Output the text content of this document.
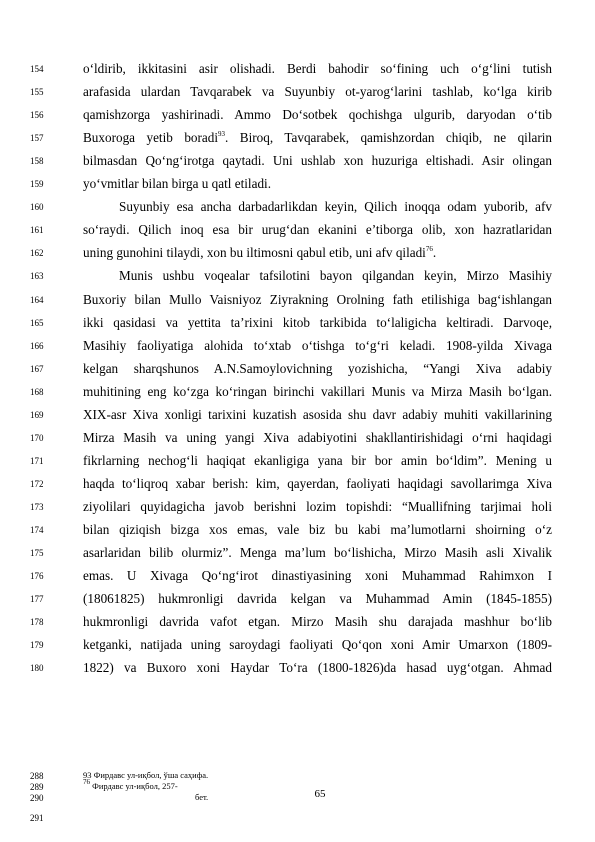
154	o‘ldirib, ikkitasini asir olishadi. Berdi bahodir so‘fining uch o‘g‘lini tutish
155	arafasida ulardan Tavqarabek va Suyunbiy ot-yarog‘larini tashlab, ko‘lga kirib
156	qamishzorga yashirinadi. Ammo Do‘sotbek qochishga ulgurib, daryodan o‘tib
157	Buxoroga yetib boradi$^{93}$. Biroq, Tavqarabek, qamishzordan chiqib, ne qilarin
158	bilmasdan Qo‘ng‘irotga qaytadi. Uni ushlab xon huzuriga eltishadi. Asir olingan
159	yo‘vmitlar bilan birga u qatl etiladi.
160	Suyunbiy esa ancha darbadarlikdan keyin, Qilich inoqqa odam yuborib, afv
161	so‘raydi. Qilich inoq esa bir urug‘dan ekanini e’tiborga olib, xon hazratlaridan
162	uning gunohini tilaydi, xon bu iltimosni qabul etib, uni afv qiladi$^{76}$.
163	Munis ushbu voqealar tafsilotini bayon qilgandan keyin, Mirzo Masihiy
164	Buxoriy bilan Mullo Vaisniyoz Ziyrakning Orolning fath etilishiga bag‘ishlangan
165	ikki qasidasi va yettita ta’rixini kitob tarkibida to‘laligicha keltiradi. Darvoqe,
166	Masihiy faoliyatiga alohida to‘xtab o‘tishga to‘g‘ri keladi. 1908-yilda Xivaga
167	kelgan sharqshunos A.N.Samoylovichning yozishicha, “Yangi Xiva adabiy
168	muhitining eng ko‘zga ko‘ringan birinchi vakillari Munis va Mirza Masih bo‘lgan.
169	XIX-asr Xiva xonligi tarixini kuzatish asosida shu davr adabiy muhiti vakillarining
170	Mirza Masih va uning yangi Xiva adabiyotini shakllantirishidagi o‘rni haqidagi
171	fikrlarning nechog‘li haqiqat ekanligiga yana bir bor amin bo‘ldim”. Mening u
172	haqda to‘liqroq xabar berish: kim, qayerdan, faoliyati haqidagi savollarimga Xiva
173	ziyolilari quyidagicha javob berishni lozim topishdi: “Muallifning tarjimai holi
174	bilan qiziqish bizga xos emas, vale biz bu kabi ma’lumotlarni shoirning o‘z
175	asarlaridan bilib olurmiz”. Menga ma’lum bo‘lishicha, Mirzo Masih asli Xivalik
176	emas. U Xivaga Qo‘ng‘irot dinastiyasining xoni Muhammad Rahimxon I
177	(18061825) hukmronligi davrida kelgan va Muhammad Amin (1845-1855)
178	hukmronligi davrida vafot etgan. Mirzo Masih shu darajada mashhur bo‘lib
179	ketganki, natijada uning saroydagi faoliyati Qo‘qon xoni Amir Umarxon (1809-
180	1822) va Buxoro xoni Haydar To‘ra (1800-1826)da hasad uyg‘otgan. Ahmad
288	93 Фирдавс ул-иқбол, ўша саҳифа.
289	$^{76}$ Фирдавс ул-иқбол, 257-
290	бет.
291
65
